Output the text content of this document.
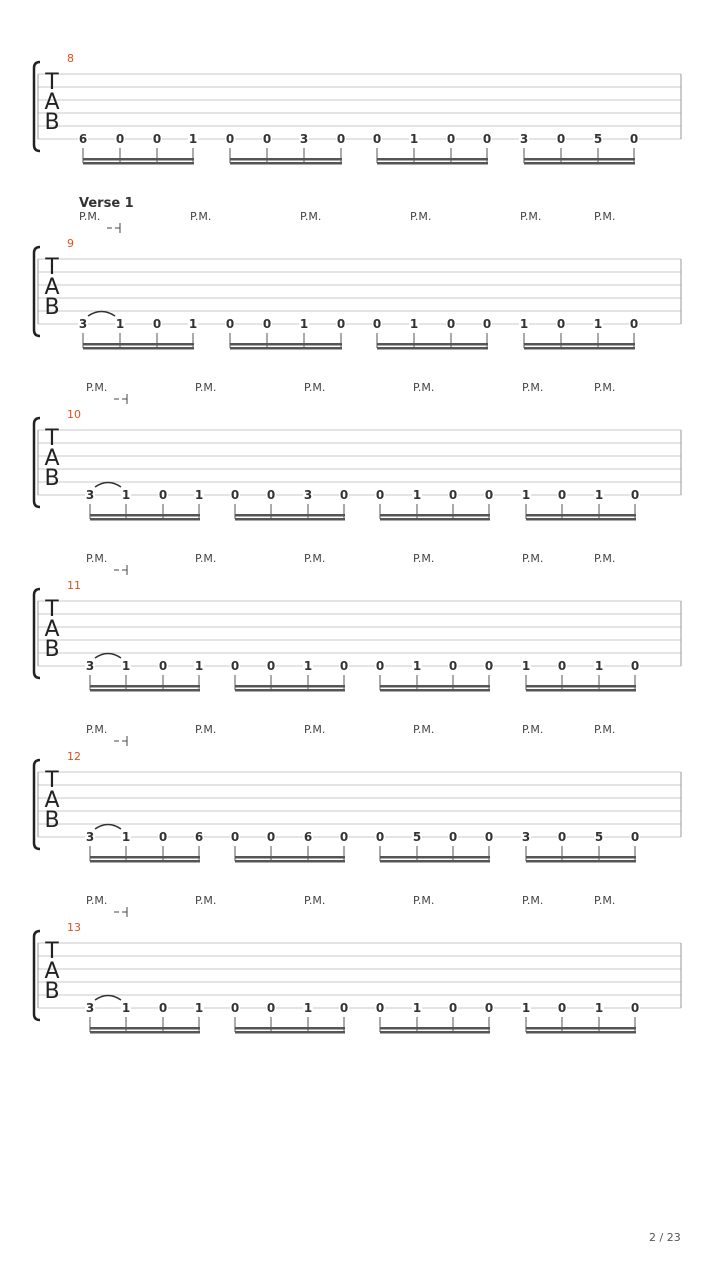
T
A
B
8
6 0 0 1 0 0 3 0 0 1 0 0 3 0 5 0
T
A
B
9
Verse 1
P.M.	P.M.	P.M.	P.M.	P.M.	P.M.
3 1 0 1 0 0 1 0 0 1 0 0 1 0 1 0
T
A
B
10
P.M.	P.M.	P.M.	P.M.	P.M.	P.M.
3 1 0 1 0 0 3 0 0 1 0 0 1 0 1 0
T
A
B
11
P.M.	P.M.	P.M.	P.M.	P.M.	P.M.
3 1 0 1 0 0 1 0 0 1 0 0 1 0 1 0
T
A
B
12
P.M.	P.M.	P.M.	P.M.	P.M.	P.M.
3 1 0 6 0 0 6 0 0 5 0 0 3 0 5 0
T
A
B
13
P.M.	P.M.	P.M.	P.M.	P.M.	P.M.
3 1 0 1 0 0 1 0 0 1 0 0 1 0 1 0
2 / 23
